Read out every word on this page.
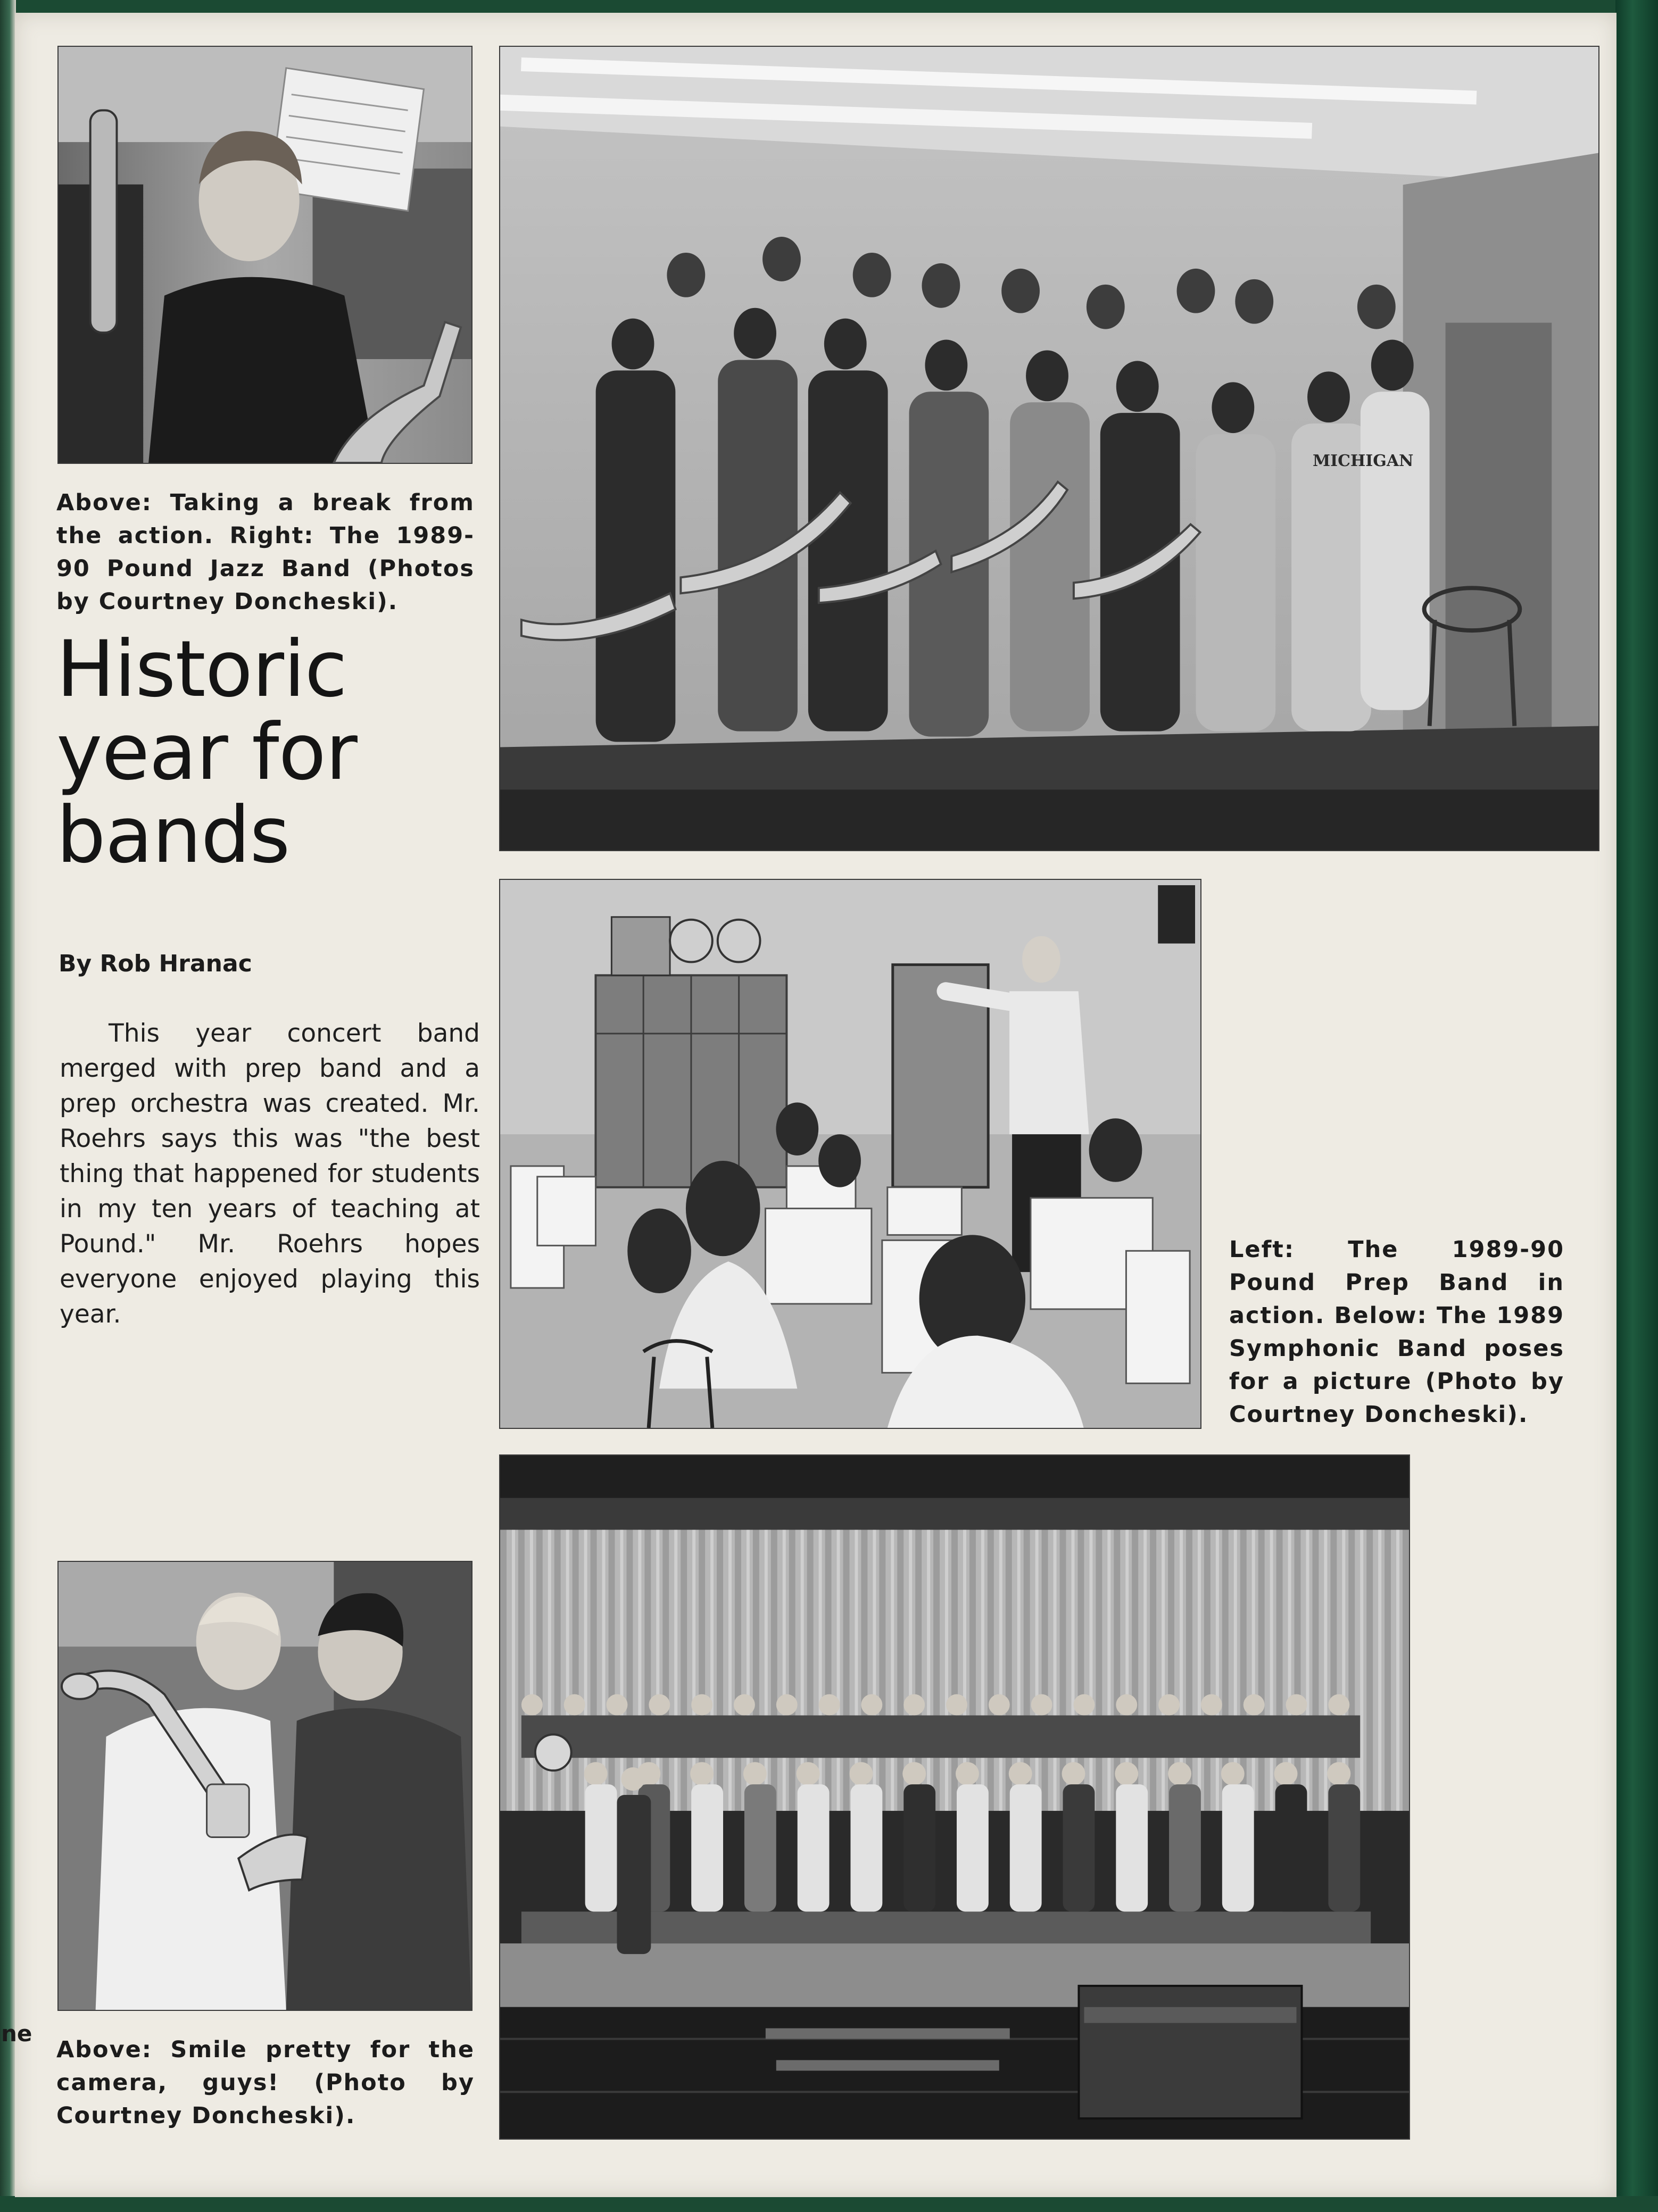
ne

Above: Taking a break from the action. Right: The 1989-90 Pound Jazz Band (Photos by Courtney Doncheski).

Historic year for bands

By Rob Hranac

This year concert band merged with prep band and a prep orchestra was created. Mr. Roehrs says this was "the best thing that happened for students in my ten years of teaching at Pound." Mr. Roehrs hopes everyone enjoyed playing this year.

MICHIGAN

Left: The 1989-90 Pound Prep Band in action. Below: The 1989 Symphonic Band poses for a picture (Photo by Courtney Doncheski).

Above: Smile pretty for the camera, guys! (Photo by Courtney Doncheski).
